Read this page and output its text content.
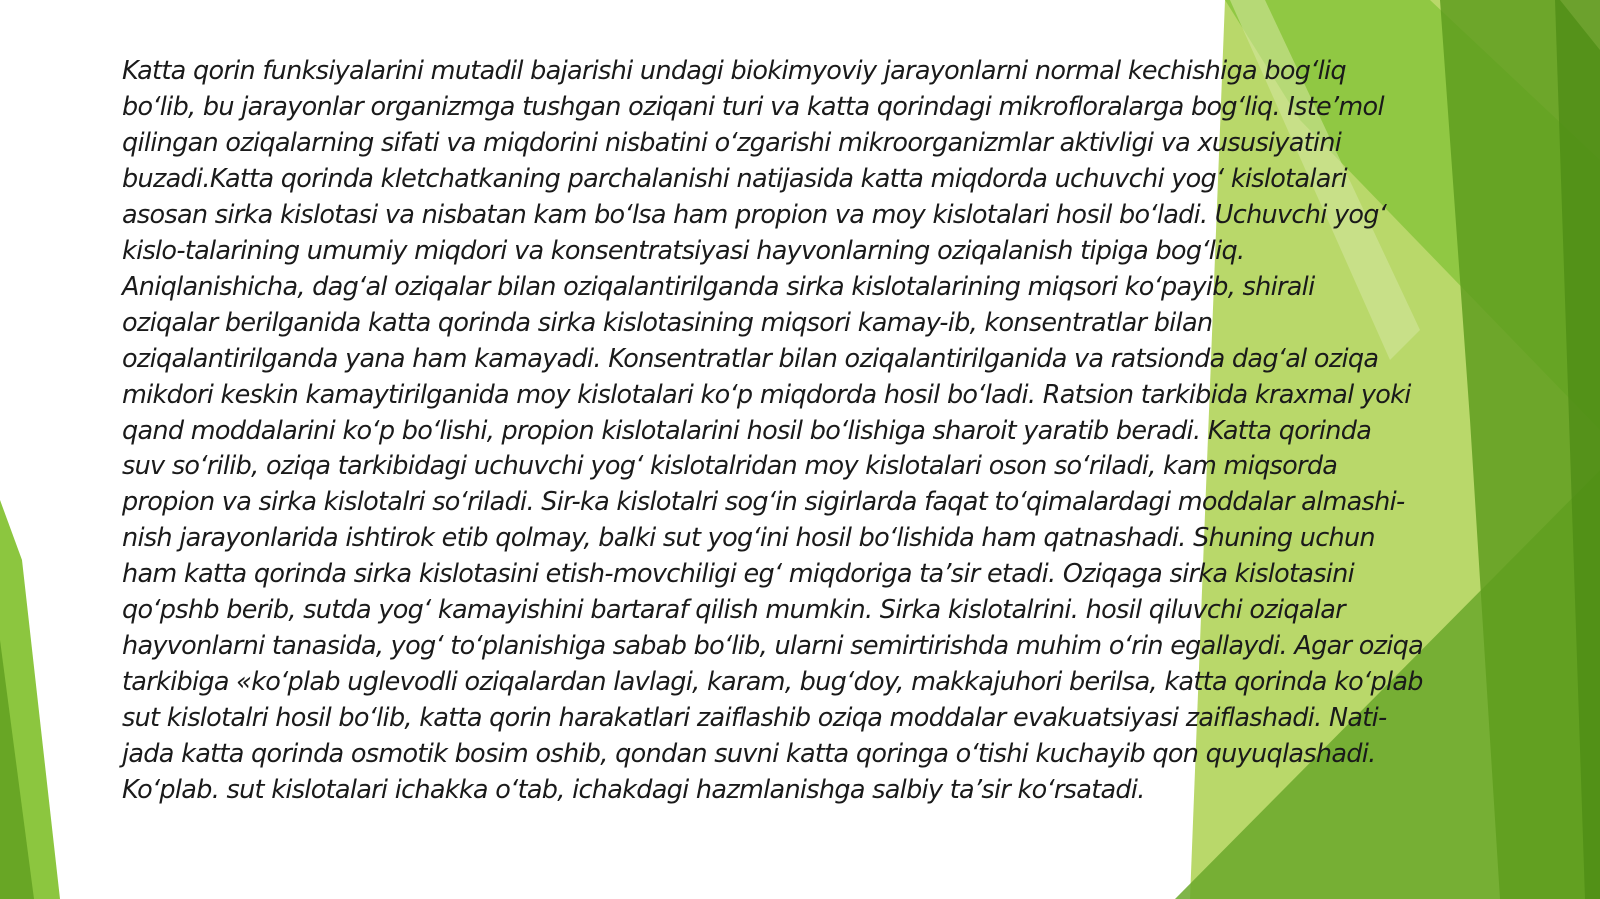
Katta qorin funksiyalarini mutadil bajarishi undagi biokimyoviy jarayonlarni normal kechishiga bog‘liq
bo‘lib, bu jarayonlar organizmga tushgan oziqani turi va katta qorindagi mikrofloralarga bog‘liq. Iste’mol
qilingan oziqalarning sifati va miqdorini nisbatini o‘zgarishi mikroorganizmlar aktivligi va xususiyatini
buzadi.Katta qorinda kletchatkaning parchalanishi natijasida katta miqdorda uchuvchi yog‘ kislotalari
asosan sirka kislotasi va nisbatan kam bo‘lsa ham propion va moy kislotalari hosil bo‘ladi. Uchuvchi yog‘
kislo-talarining umumiy miqdori va konsentratsiyasi hayvonlarning oziqalanish tipiga bog‘liq.
Aniqlanishicha, dag‘al oziqalar bilan oziqalantirilganda sirka kislotalarining miqsori ko‘payib, shirali
oziqalar berilganida katta qorinda sirka kislotasining miqsori kamay-ib, konsentratlar bilan
oziqalantirilganda yana ham kamayadi. Konsentratlar bilan oziqalantirilganida va ratsionda dag‘al oziqa
mikdori keskin kamaytirilganida moy kislotalari ko‘p miqdorda hosil bo‘ladi. Ratsion tarkibida kraxmal yoki
qand moddalarini ko‘p bo‘lishi, propion kislotalarini hosil bo‘lishiga sharoit yaratib beradi. Katta qorinda
suv so‘rilib, oziqa tarkibidagi uchuvchi yog‘ kislotalridan moy kislotalari oson so‘riladi, kam miqsorda
propion va sirka kislotalri so‘riladi. Sir-ka kislotalri sog‘in sigirlarda faqat to‘qimalardagi moddalar almashi-
nish jarayonlarida ishtirok etib qolmay, balki sut yog‘ini hosil bo‘lishida ham qatnashadi. Shuning uchun
ham katta qorinda sirka kislotasini etish-movchiligi eg‘ miqdoriga ta’sir etadi. Oziqaga sirka kislotasini
qo‘pshb berib, sutda yog‘ kamayishini bartaraf qilish mumkin. Sirka kislotalrini. hosil qiluvchi oziqalar
hayvonlarni tanasida, yog‘ to‘planishiga sabab bo‘lib, ularni semirtirishda muhim o‘rin egallaydi. Agar oziqa
tarkibiga «ko‘plab uglevodli oziqalardan lavlagi, karam, bug‘doy, makkajuhori berilsa, katta qorinda ko‘plab
sut kislotalri hosil bo‘lib, katta qorin harakatlari zaiflashib oziqa moddalar evakuatsiyasi zaiflashadi. Nati-
jada katta qorinda osmotik bosim oshib, qondan suvni katta qoringa o‘tishi kuchayib qon quyuqlashadi.
Ko‘plab. sut kislotalari ichakka o‘tab, ichakdagi hazmlanishga salbiy ta’sir ko‘rsatadi.
